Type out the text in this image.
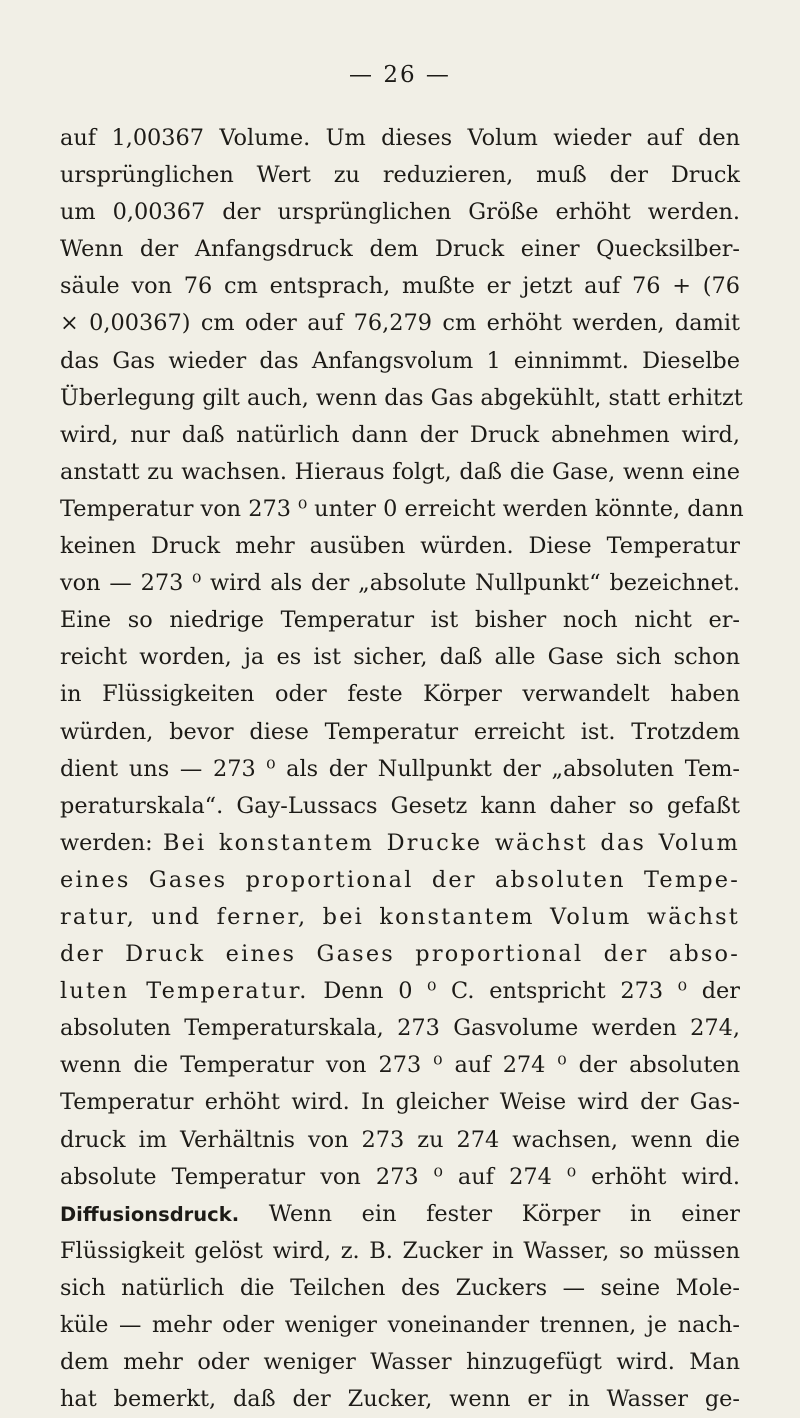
— 26 —
auf 1,00367 Volume. Um dieses Volum wieder auf den
ursprünglichen Wert zu reduzieren, muß der Druck
um 0,00367 der ursprünglichen Größe erhöht werden.
Wenn der Anfangsdruck dem Druck einer Quecksilber-
säule von 76 cm entsprach, mußte er jetzt auf 76 + (76
× 0,00367) cm oder auf 76,279 cm erhöht werden, damit
das Gas wieder das Anfangsvolum 1 einnimmt. Dieselbe
Überlegung gilt auch, wenn das Gas abgekühlt, statt erhitzt
wird, nur daß natürlich dann der Druck abnehmen wird,
anstatt zu wachsen. Hieraus folgt, daß die Gase, wenn eine
Temperatur von 273 ⁰ unter 0 erreicht werden könnte, dann
keinen Druck mehr ausüben würden. Diese Temperatur
von — 273 ⁰ wird als der „absolute Nullpunkt“ bezeichnet.
Eine so niedrige Temperatur ist bisher noch nicht er-
reicht worden, ja es ist sicher, daß alle Gase sich schon
in Flüssigkeiten oder feste Körper verwandelt haben
würden, bevor diese Temperatur erreicht ist. Trotzdem
dient uns — 273 ⁰ als der Nullpunkt der „absoluten Tem-
peraturskala“. Gay-Lussacs Gesetz kann daher so gefaßt
werden: Bei konstantem Drucke wächst das Volum
eines Gases proportional der absoluten Tempe-
ratur, und ferner, bei konstantem Volum wächst
der Druck eines Gases proportional der abso-
luten Temperatur. Denn 0 ⁰ C. entspricht 273 ⁰ der
absoluten Temperaturskala, 273 Gasvolume werden 274,
wenn die Temperatur von 273 ⁰ auf 274 ⁰ der absoluten
Temperatur erhöht wird. In gleicher Weise wird der Gas-
druck im Verhältnis von 273 zu 274 wachsen, wenn die
absolute Temperatur von 273 ⁰ auf 274 ⁰ erhöht wird.
Diffusionsdruck. Wenn ein fester Körper in einer
Flüssigkeit gelöst wird, z. B. Zucker in Wasser, so müssen
sich natürlich die Teilchen des Zuckers — seine Mole-
küle — mehr oder weniger voneinander trennen, je nach-
dem mehr oder weniger Wasser hinzugefügt wird. Man
hat bemerkt, daß der Zucker, wenn er in Wasser ge-
